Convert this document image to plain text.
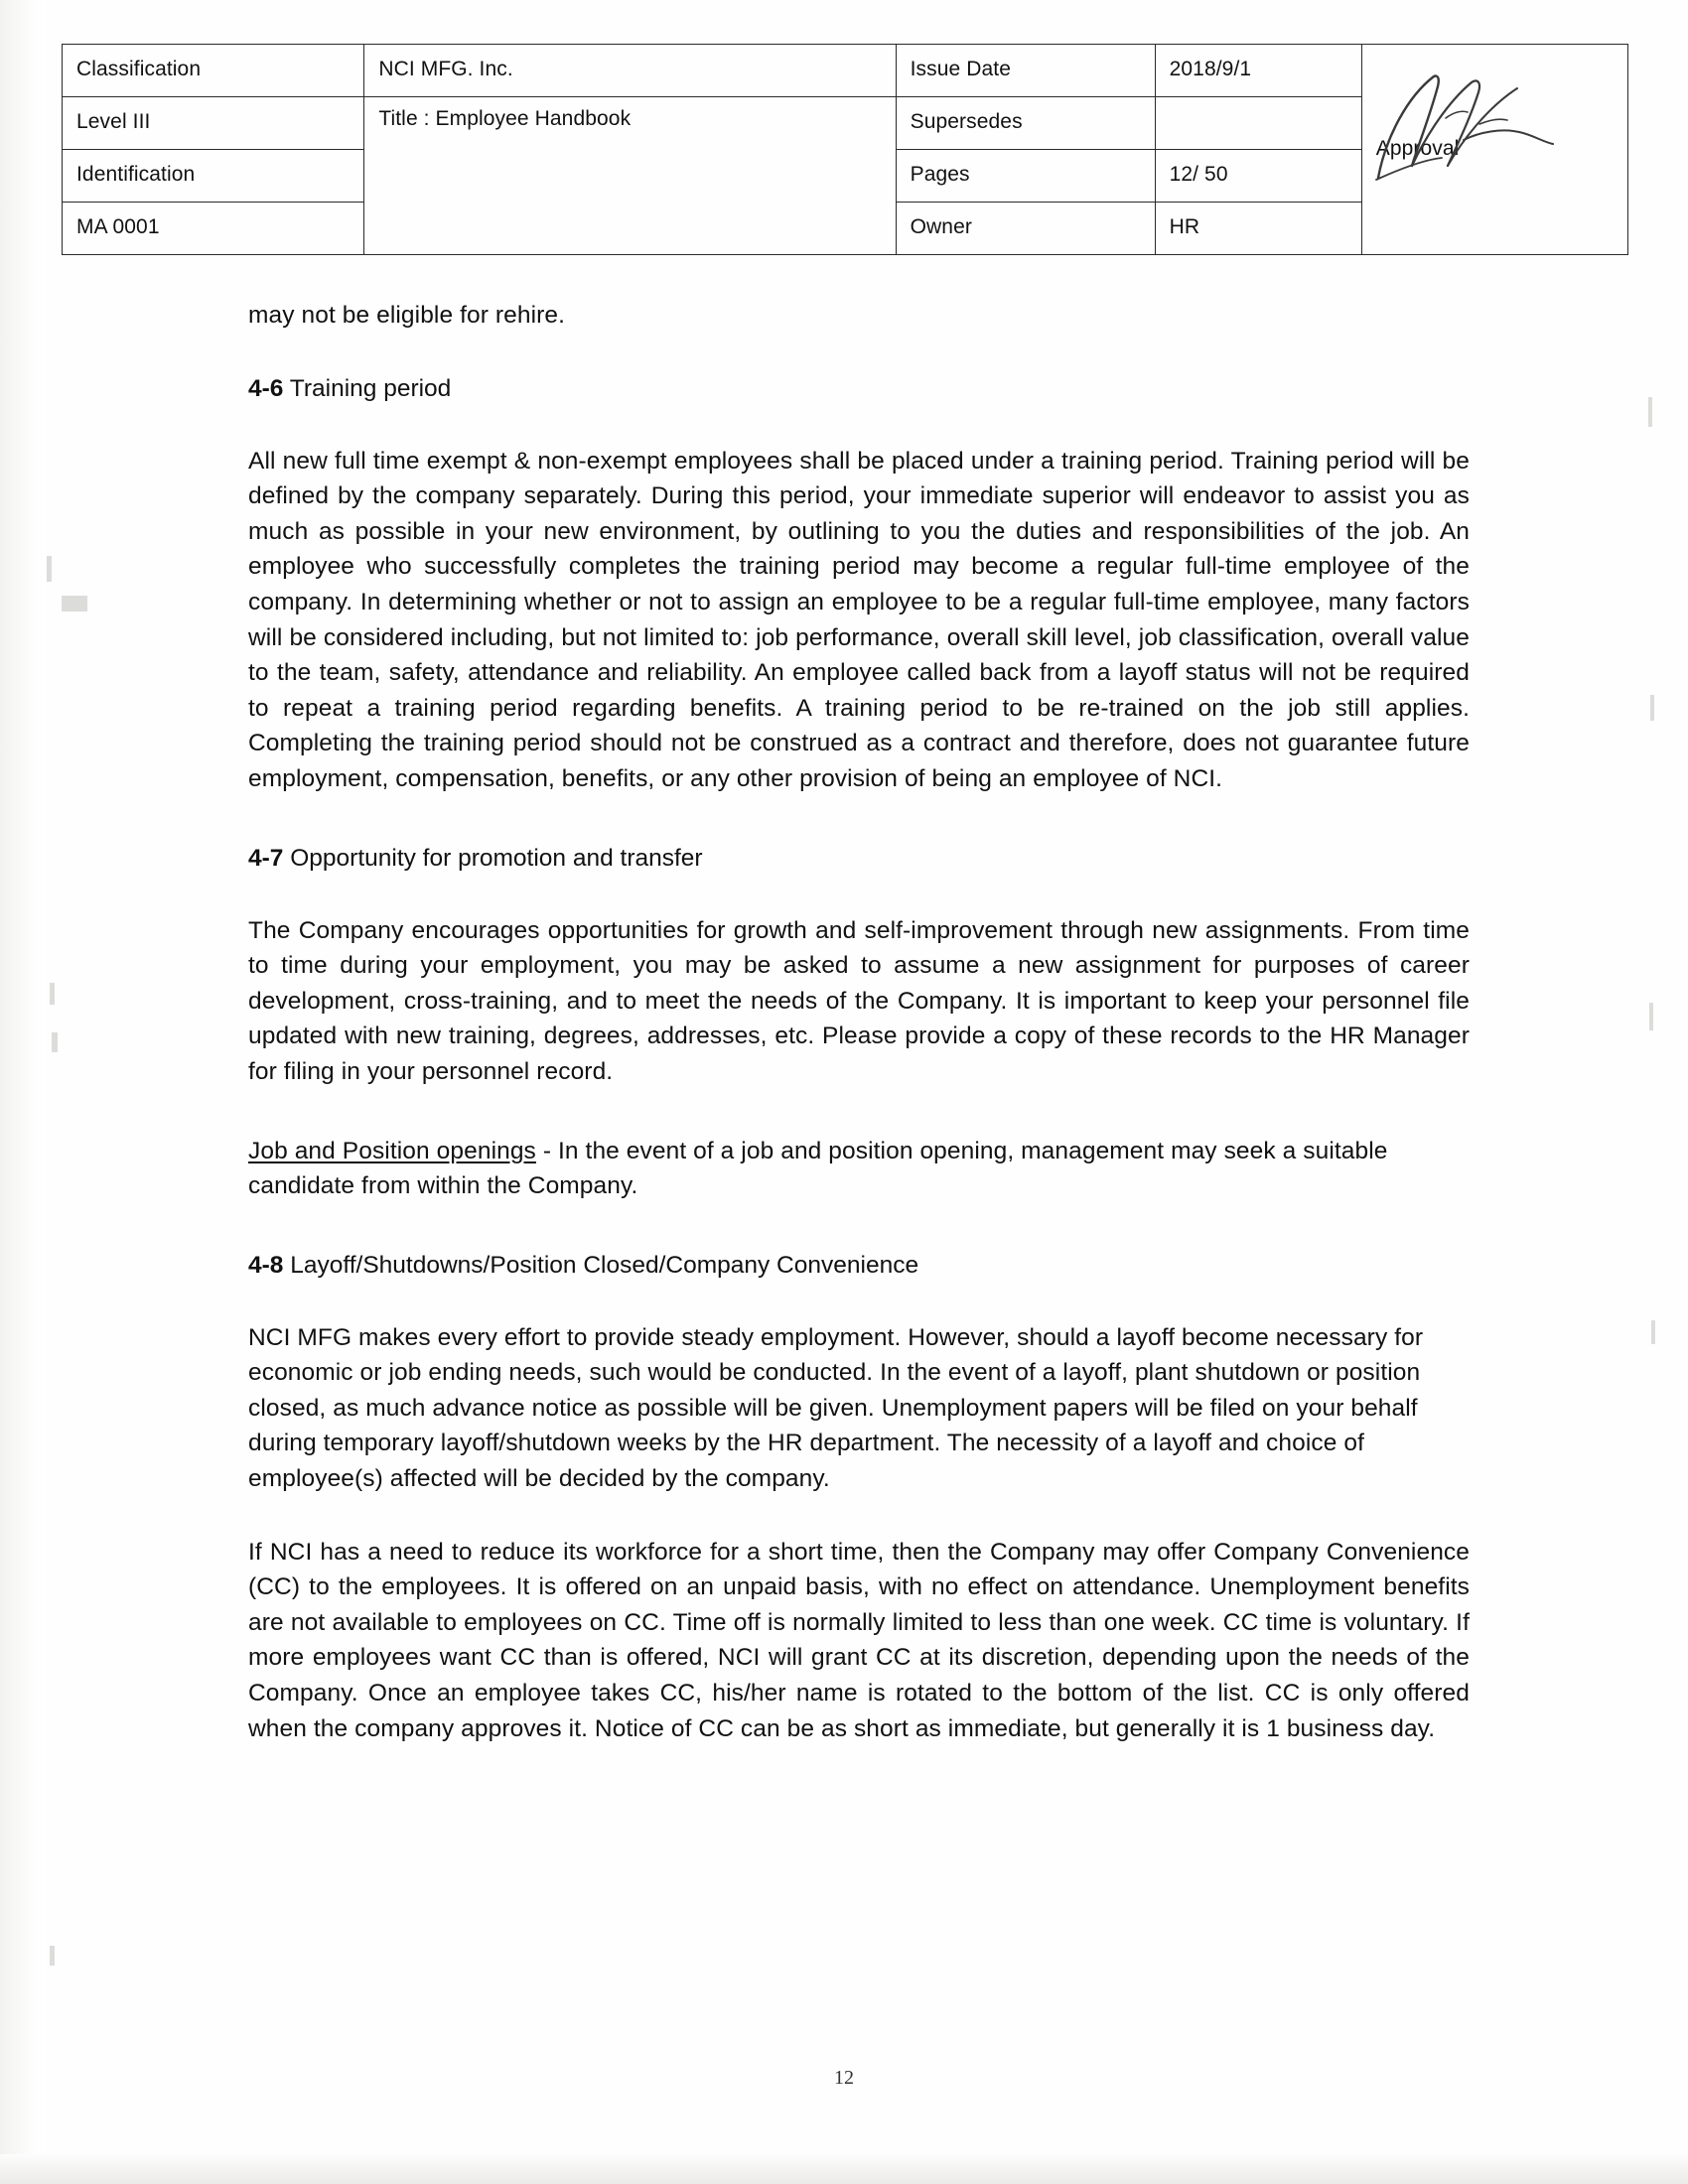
Classification	NCI MFG. Inc.	Issue Date	2018/9/1	Approval

Level III	Title : Employee Handbook	Supersedes		
Identification		Pages	12/ 50	
MA 0001		Owner	HR	

may not be eligible for rehire.

4-6 Training period

All new full time exempt & non-exempt employees shall be placed under a training period. Training period will be defined by the company separately. During this period, your immediate superior will endeavor to assist you as much as possible in your new environment, by outlining to you the duties and responsibilities of the job. An employee who successfully completes the training period may become a regular full-time employee of the company. In determining whether or not to assign an employee to be a regular full-time employee, many factors will be considered including, but not limited to: job performance, overall skill level, job classification, overall value to the team, safety, attendance and reliability. An employee called back from a layoff status will not be required to repeat a training period regarding benefits. A training period to be re-trained on the job still applies. Completing the training period should not be construed as a contract and therefore, does not guarantee future employment, compensation, benefits, or any other provision of being an employee of NCI.

4-7 Opportunity for promotion and transfer

The Company encourages opportunities for growth and self-improvement through new assignments. From time to time during your employment, you may be asked to assume a new assignment for purposes of career development, cross-training, and to meet the needs of the Company. It is important to keep your personnel file updated with new training, degrees, addresses, etc. Please provide a copy of these records to the HR Manager for filing in your personnel record.

Job and Position openings - In the event of a job and position opening, management may seek a suitable candidate from within the Company.

4-8 Layoff/Shutdowns/Position Closed/Company Convenience

NCI MFG makes every effort to provide steady employment. However, should a layoff become necessary for economic or job ending needs, such would be conducted. In the event of a layoff, plant shutdown or position closed, as much advance notice as possible will be given. Unemployment papers will be filed on your behalf during temporary layoff/shutdown weeks by the HR department. The necessity of a layoff and choice of employee(s) affected will be decided by the company.

If NCI has a need to reduce its workforce for a short time, then the Company may offer Company Convenience (CC) to the employees. It is offered on an unpaid basis, with no effect on attendance. Unemployment benefits are not available to employees on CC. Time off is normally limited to less than one week. CC time is voluntary. If more employees want CC than is offered, NCI will grant CC at its discretion, depending upon the needs of the Company. Once an employee takes CC, his/her name is rotated to the bottom of the list. CC is only offered when the company approves it. Notice of CC can be as short as immediate, but generally it is 1 business day.

12
